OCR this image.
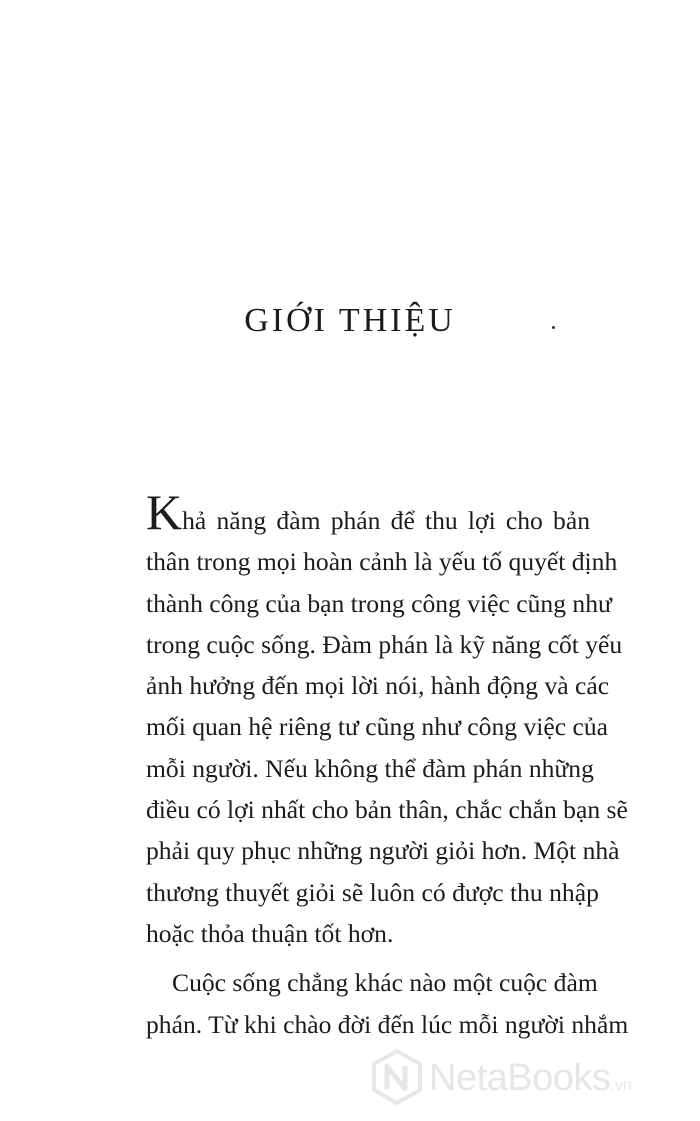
GIỚI THIỆU
Khả năng đàm phán để thu lợi cho bản
thân trong mọi hoàn cảnh là yếu tố quyết định
thành công của bạn trong công việc cũng như
trong cuộc sống. Đàm phán là kỹ năng cốt yếu
ảnh hưởng đến mọi lời nói, hành động và các
mối quan hệ riêng tư cũng như công việc của
mỗi người. Nếu không thể đàm phán những
điều có lợi nhất cho bản thân, chắc chắn bạn sẽ
phải quy phục những người giỏi hơn. Một nhà
thương thuyết giỏi sẽ luôn có được thu nhập
hoặc thỏa thuận tốt hơn.
Cuộc sống chẳng khác nào một cuộc đàm
phán. Từ khi chào đời đến lúc mỗi người nhắm
NetaBooks.vn
